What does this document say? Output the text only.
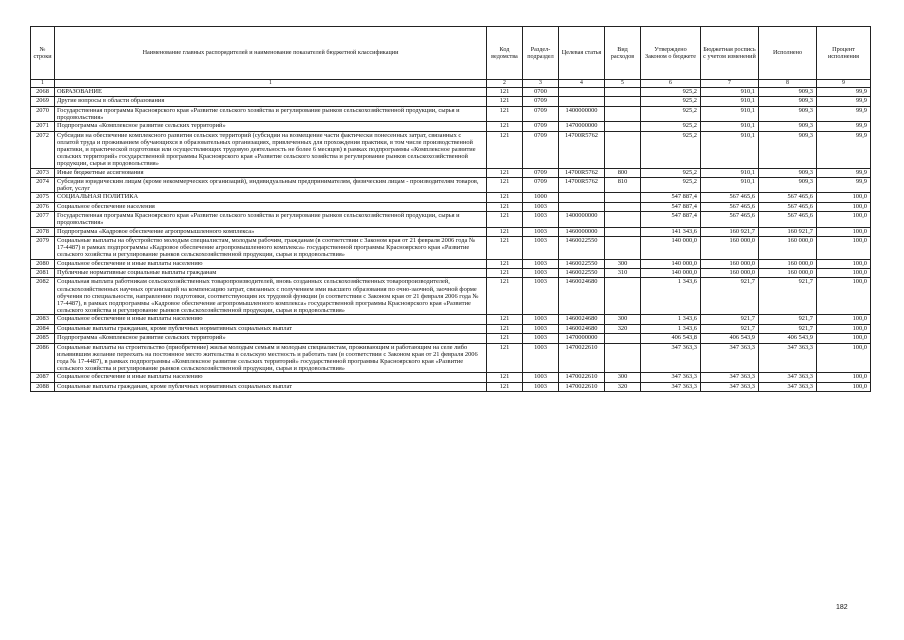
№ строки	Наименование главных распорядителей и наименование показателей бюджетной классификации	Код ведомства	Раздел-подраздел	Целевая статья	Вид расходов	Утверждено Законом о бюджете	Бюджетная роспись с учетом изменений	Исполнено	Процент исполнения
1	1	2	3	4	5	6	7	8	9
2068	ОБРАЗОВАНИЕ	121	0700			925,2	910,1	909,3	99,9
2069	Другие вопросы в области образования	121	0709			925,2	910,1	909,3	99,9
2070	Государственная программа Красноярского края «Развитие сельского хозяйства и регулирование рынков сельскохозяйственной продукции, сырья и продовольствия»	121	0709	1400000000		925,2	910,1	909,3	99,9
2071	Подпрограмма «Комплексное развитие сельских территорий»	121	0709	1470000000		925,2	910,1	909,3	99,9
2072	Субсидии на обеспечение комплексного развития сельских территорий (субсидии на возмещение части фактически понесенных затрат, связанных с оплатой труда и проживанием обучающихся в образовательных организациях, привлеченных для прохождения практики, в том числе производственной практики, и практической подготовки или осуществляющих трудовую деятельность не более 6 месяцев) в рамках подпрограммы «Комплексное развитие сельских территорий» государственной программы Красноярского края «Развитие сельского хозяйства и регулирование рынков сельскохозяйственной продукции, сырья и продовольствия»	121	0709	14700R5762		925,2	910,1	909,3	99,9
2073	Иные бюджетные ассигнования	121	0709	14700R5762	800	925,2	910,1	909,3	99,9
2074	Субсидии юридическим лицам (кроме некоммерческих организаций), индивидуальным предпринимателям, физическим лицам - производителям товаров, работ, услуг	121	0709	14700R5762	810	925,2	910,1	909,3	99,9
2075	СОЦИАЛЬНАЯ ПОЛИТИКА	121	1000			547 887,4	567 465,6	567 465,6	100,0
2076	Социальное обеспечение населения	121	1003			547 887,4	567 465,6	567 465,6	100,0
2077	Государственная программа Красноярского края «Развитие сельского хозяйства и регулирование рынков сельскохозяйственной продукции, сырья и продовольствия»	121	1003	1400000000		547 887,4	567 465,6	567 465,6	100,0
2078	Подпрограмма «Кадровое обеспечение агропромышленного комплекса»	121	1003	1460000000		141 343,6	160 921,7	160 921,7	100,0
2079	Социальные выплаты на обустройство молодым специалистам, молодым рабочим, гражданам (в соответствии с Законом края от 21 февраля 2006 года № 17-4487) в рамках подпрограммы «Кадровое обеспечение агропромышленного комплекса» государственной программы Красноярского края «Развитие сельского хозяйства и регулирование рынков сельскохозяйственной продукции, сырья и продовольствия»	121	1003	1460022550		140 000,0	160 000,0	160 000,0	100,0
2080	Социальное обеспечение и иные выплаты населению	121	1003	1460022550	300	140 000,0	160 000,0	160 000,0	100,0
2081	Публичные нормативные социальные выплаты гражданам	121	1003	1460022550	310	140 000,0	160 000,0	160 000,0	100,0
2082	Социальная выплата работникам сельскохозяйственных товаропроизводителей, вновь созданных сельскохозяйственных товаропроизводителей, сельскохозяйственных научных организаций на компенсацию затрат, связанных с получением ими высшего образования по очно-заочной, заочной форме обучения по специальности, направлению подготовки, соответствующим их трудовой функции (в соответствии с Законом края от 21 февраля 2006 года № 17-4487), в рамках подпрограммы «Кадровое обеспечение агропромышленного комплекса» государственной программы Красноярского края «Развитие сельского хозяйства и регулирование рынков сельскохозяйственной продукции, сырья и продовольствия»	121	1003	1460024680		1 343,6	921,7	921,7	100,0
2083	Социальное обеспечение и иные выплаты населению	121	1003	1460024680	300	1 343,6	921,7	921,7	100,0
2084	Социальные выплаты гражданам, кроме публичных нормативных социальных выплат	121	1003	1460024680	320	1 343,6	921,7	921,7	100,0
2085	Подпрограмма «Комплексное развитие сельских территорий»	121	1003	1470000000		406 543,8	406 543,9	406 543,9	100,0
2086	Социальные выплаты на строительство (приобретение) жилья молодым семьям и молодым специалистам, проживающим и работающим на селе либо изъявившим желание переехать на постоянное место жительства в сельскую местность и работать там (в соответствии с Законом края от 21 февраля 2006 года № 17-4487), в рамках подпрограммы «Комплексное развитие сельских территорий» государственной программы Красноярского края «Развитие сельского хозяйства и регулирование рынков сельскохозяйственной продукции, сырья и продовольствия»	121	1003	1470022610		347 363,3	347 363,3	347 363,3	100,0
2087	Социальное обеспечение и иные выплаты населению	121	1003	1470022610	300	347 363,3	347 363,3	347 363,3	100,0
2088	Социальные выплаты гражданам, кроме публичных нормативных социальных выплат	121	1003	1470022610	320	347 363,3	347 363,3	347 363,3	100,0
182
